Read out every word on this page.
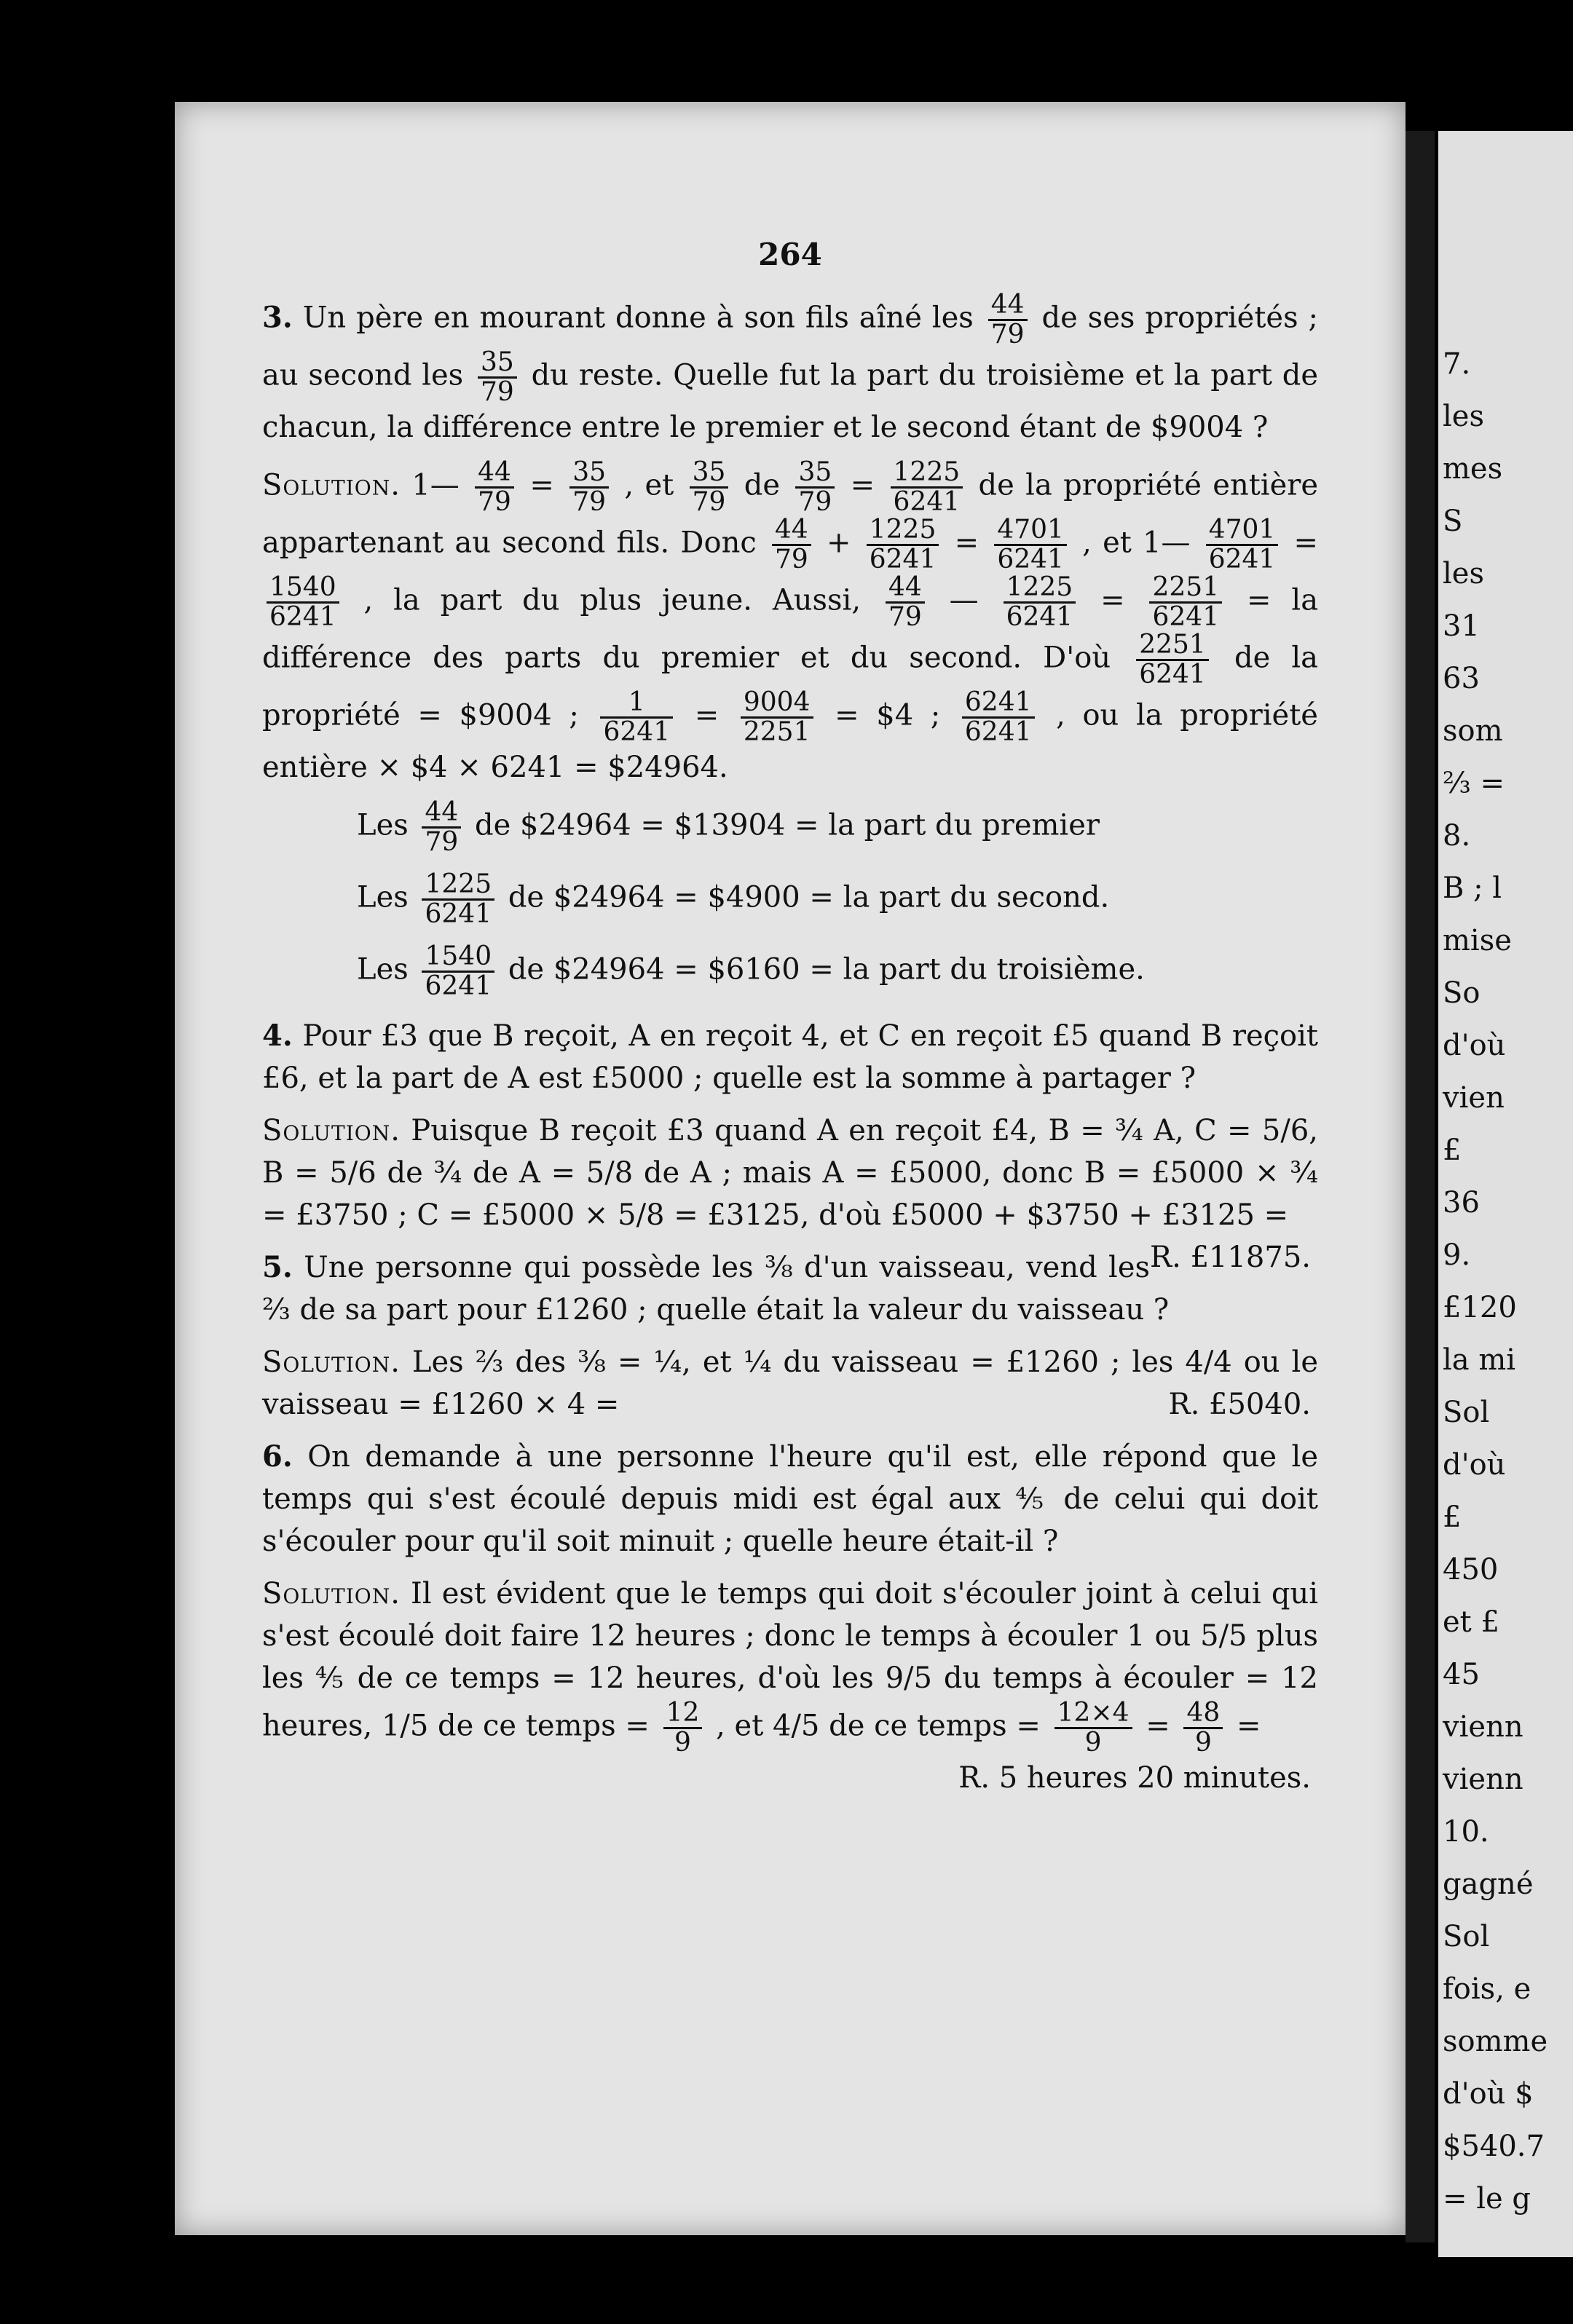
264

3. Un père en mourant donne à son fils aîné les $\frac{44}{79}$ de ses propriétés ; au second les $\frac{35}{79}$ du reste. Quelle fut la part du troisième et la part de chacun, la différence entre le premier et le second étant de $9004 ?

Solution. 1— $\frac{44}{79} = \frac{35}{79}$ , et $\frac{35}{79}$ de $\frac{35}{79} = \frac{1225}{6241}$ de la propriété entière appartenant au second fils. Donc $\frac{44}{79} + \frac{1225}{6241} = \frac{4701}{6241}$ , et 1— $\frac{4701}{6241}$ =
$\frac{1540}{6241}$ , la part du plus jeune. Aussi, $\frac{44}{79}$ — $\frac{1225}{6241} = \frac{2251}{6241}$ = la différence des parts du premier et du second. D'où $\frac{2251}{6241}$ de la propriété = $9004 ; $\frac{1}{6241} = \frac{9004}{2251}$ = $4 ; $\frac{6241}{6241}$ , ou la propriété entière × $4 × 6241 = $24964.

Les $\frac{44}{79}$ de $24964 = $13904 = la part du premier
Les $\frac{1225}{6241}$ de $24964 = $4900 = la part du second.
Les $\frac{1540}{6241}$ de $24964 = $6160 = la part du troisième.

4. Pour £3 que B reçoit, A en reçoit 4, et C en reçoit £5 quand B reçoit £6, et la part de A est £5000 ; quelle est la somme à partager ?

Solution. Puisque B reçoit £3 quand A en reçoit £4, B = ¾ A, C = 5/6, B = 5/6 de ¾ de A = 5/8 de A ; mais A = £5000, donc B = £5000 × ¾ = £3750 ; C = £5000 × 5/8 = £3125, d'où £5000 + $3750 + £3125 =
R. £11875.

5. Une personne qui possède les ⅜ d'un vaisseau, vend les ⅔ de sa part pour £1260 ; quelle était la valeur du vaisseau ?

Solution. Les ⅔ des ⅜ = ¼, et ¼ du vaisseau = £1260 ; les 4/4 ou le vaisseau = £1260 × 4 =	R. £5040.

6. On demande à une personne l'heure qu'il est, elle répond que le temps qui s'est écoulé depuis midi est égal aux ⅘ de celui qui doit s'écouler pour qu'il soit minuit ; quelle heure était-il ?

Solution. Il est évident que le temps qui doit s'écouler joint à celui qui s'est écoulé doit faire 12 heures ; donc le temps à écouler 1 ou 5/5 plus les ⅘ de ce temps = 12 heures, d'où les 9/5 du temps à écouler = 12 heures, 1/5 de ce temps = $\frac{12}{9}$ , et 4/5 de ce temps = $\frac{12\times 4}{9} = \frac{48}{9}$ =
R. 5 heures 20 minutes.

7.
les
mes
S
les
31
63
som
⅔ =
8.
B ; l
mise
So
d'où
vien
£
36
9.
£120
la mi
Sol
d'où
£
450
et £
45
vienn
vienn
10.
gagné
Sol
fois, e
somme
d'où $
$540.7
= le g
